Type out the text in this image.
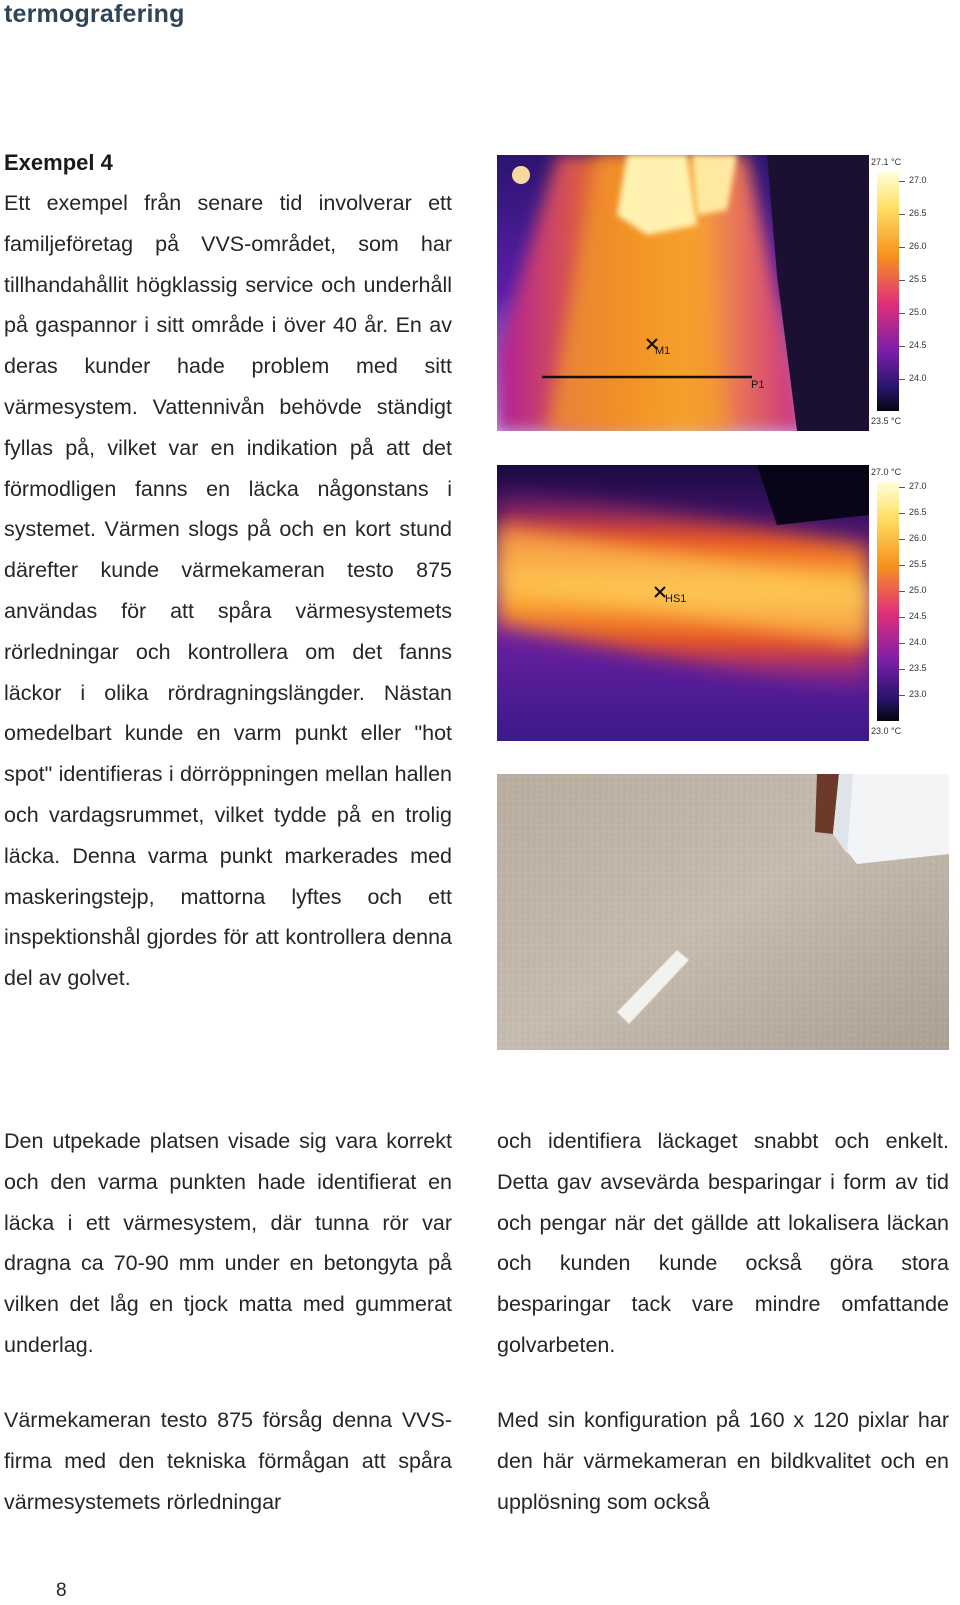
termografering
Exempel 4

Ett exempel från senare tid involverar ett familjeföretag på VVS-området, som har tillhandahållit högklassig service och underhåll på gaspannor i sitt område i över 40 år. En av deras kunder hade problem med sitt värmesystem. Vattennivån behövde ständigt fyllas på, vilket var en indikation på att det förmodligen fanns en läcka någonstans i systemet. Värmen slogs på och en kort stund därefter kunde värmekameran testo 875 användas för att spåra värmesystemets rörledningar och kontrollera om det fanns läckor i olika rördragningslängder. Nästan omedelbart kunde en varm punkt eller "hot spot" identifieras i dörröppningen mellan hallen och vardagsrummet, vilket tydde på en trolig läcka. Denna varma punkt markerades med maskeringstejp, mattorna lyftes och ett inspektionshål gjordes för att kontrollera denna del av golvet.

Den utpekade platsen visade sig vara korrekt och den varma punkten hade identifierat en läcka i ett värmesystem, där tunna rör var dragna ca 70-90 mm under en betongyta på vilken det låg en tjock matta med gummerat underlag.

Värmekameran testo 875 försåg denna VVS-firma med den tekniska förmågan att spåra värmesystemets rörledningar

och identifiera läckaget snabbt och enkelt. Detta gav avsevärda besparingar i form av tid och pengar när det gällde att lokalisera läckan och kunden kunde också göra stora besparingar tack vare mindre omfattande golvarbeten.

Med sin konfiguration på 160 x 120 pixlar har den här värmekameran en bildkvalitet och en upplösning som också

M1
P1
27.1 °C
27.0
26.5
26.0
25.5
25.0
24.5
24.0
23.5 °C
HS1
27.0 °C
27.0
26.5
26.0
25.5
25.0
24.5
24.0
23.5
23.0
23.0 °C
8
